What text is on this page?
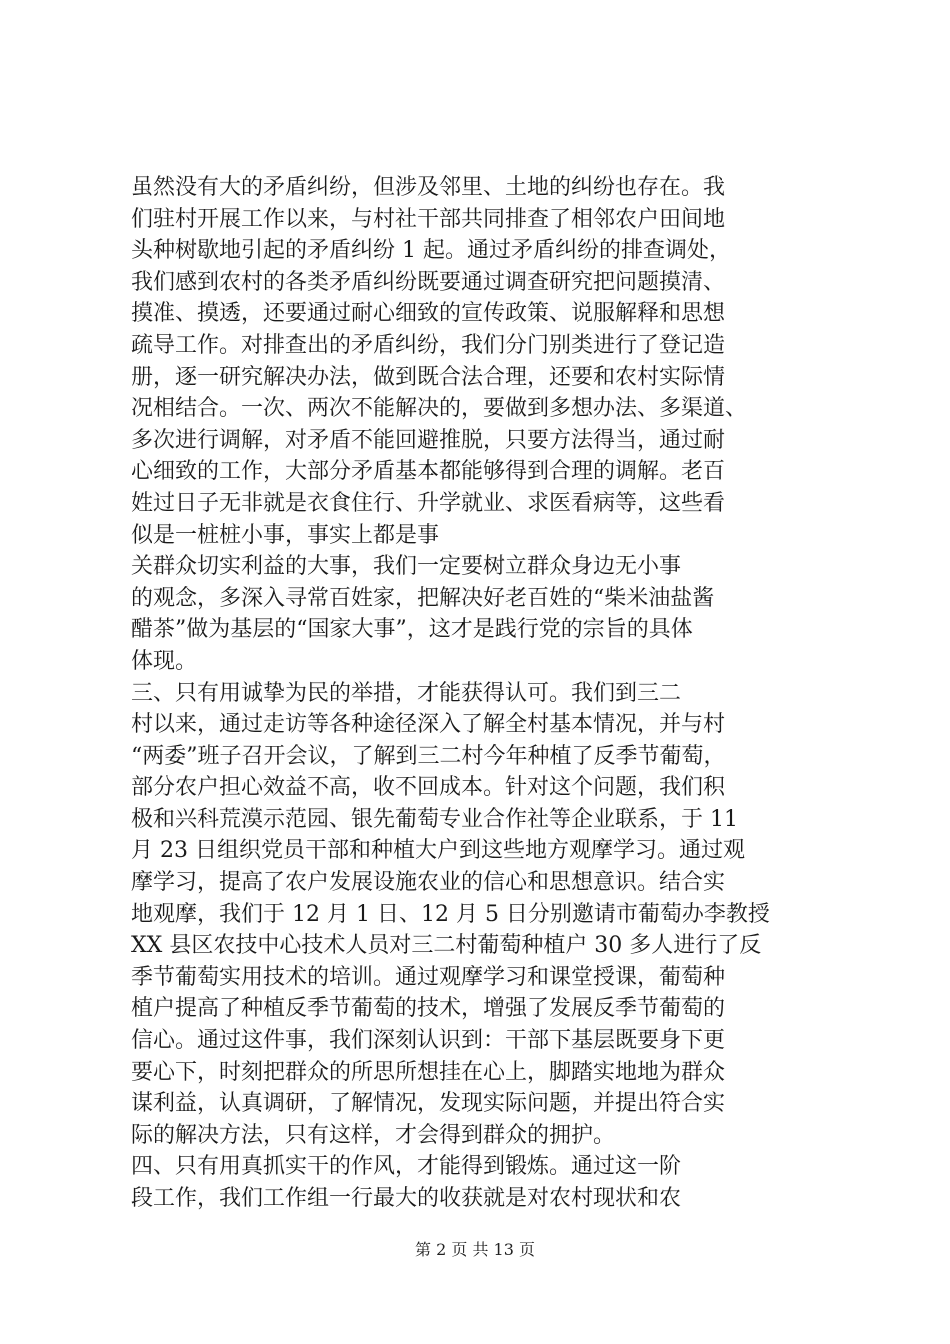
虽然没有大的矛盾纠纷，但涉及邻里、土地的纠纷也存在。我
们驻村开展工作以来，与村社干部共同排查了相邻农户田间地
头种树歇地引起的矛盾纠纷 1 起。通过矛盾纠纷的排查调处，
我们感到农村的各类矛盾纠纷既要通过调查研究把问题摸清、
摸准、摸透，还要通过耐心细致的宣传政策、说服解释和思想
疏导工作。对排查出的矛盾纠纷，我们分门别类进行了登记造
册，逐一研究解决办法，做到既合法合理，还要和农村实际情
况相结合。一次、两次不能解决的，要做到多想办法、多渠道、
多次进行调解，对矛盾不能回避推脱，只要方法得当，通过耐
心细致的工作，大部分矛盾基本都能够得到合理的调解。老百
姓过日子无非就是衣食住行、升学就业、求医看病等，这些看
似是一桩桩小事，事实上都是事
关群众切实利益的大事，我们一定要树立群众身边无小事
的观念，多深入寻常百姓家，把解决好老百姓的“柴米油盐酱
醋茶”做为基层的“国家大事”，这才是践行党的宗旨的具体
体现。
三、只有用诚挚为民的举措，才能获得认可。我们到三二
村以来，通过走访等各种途径深入了解全村基本情况，并与村
“两委”班子召开会议，了解到三二村今年种植了反季节葡萄，
部分农户担心效益不高，收不回成本。针对这个问题，我们积
极和兴科荒漠示范园、银先葡萄专业合作社等企业联系，于 11
月 23 日组织党员干部和种植大户到这些地方观摩学习。通过观
摩学习，提高了农户发展设施农业的信心和思想意识。结合实
地观摩，我们于 12 月 1 日、12 月 5 日分别邀请市葡萄办李教授
XX 县区农技中心技术人员对三二村葡萄种植户 30 多人进行了反
季节葡萄实用技术的培训。通过观摩学习和课堂授课，葡萄种
植户提高了种植反季节葡萄的技术，增强了发展反季节葡萄的
信心。通过这件事，我们深刻认识到：干部下基层既要身下更
要心下，时刻把群众的所思所想挂在心上，脚踏实地地为群众
谋利益，认真调研，了解情况，发现实际问题，并提出符合实
际的解决方法，只有这样，才会得到群众的拥护。
四、只有用真抓实干的作风，才能得到锻炼。通过这一阶
段工作，我们工作组一行最大的收获就是对农村现状和农
第 2 页 共 13 页
